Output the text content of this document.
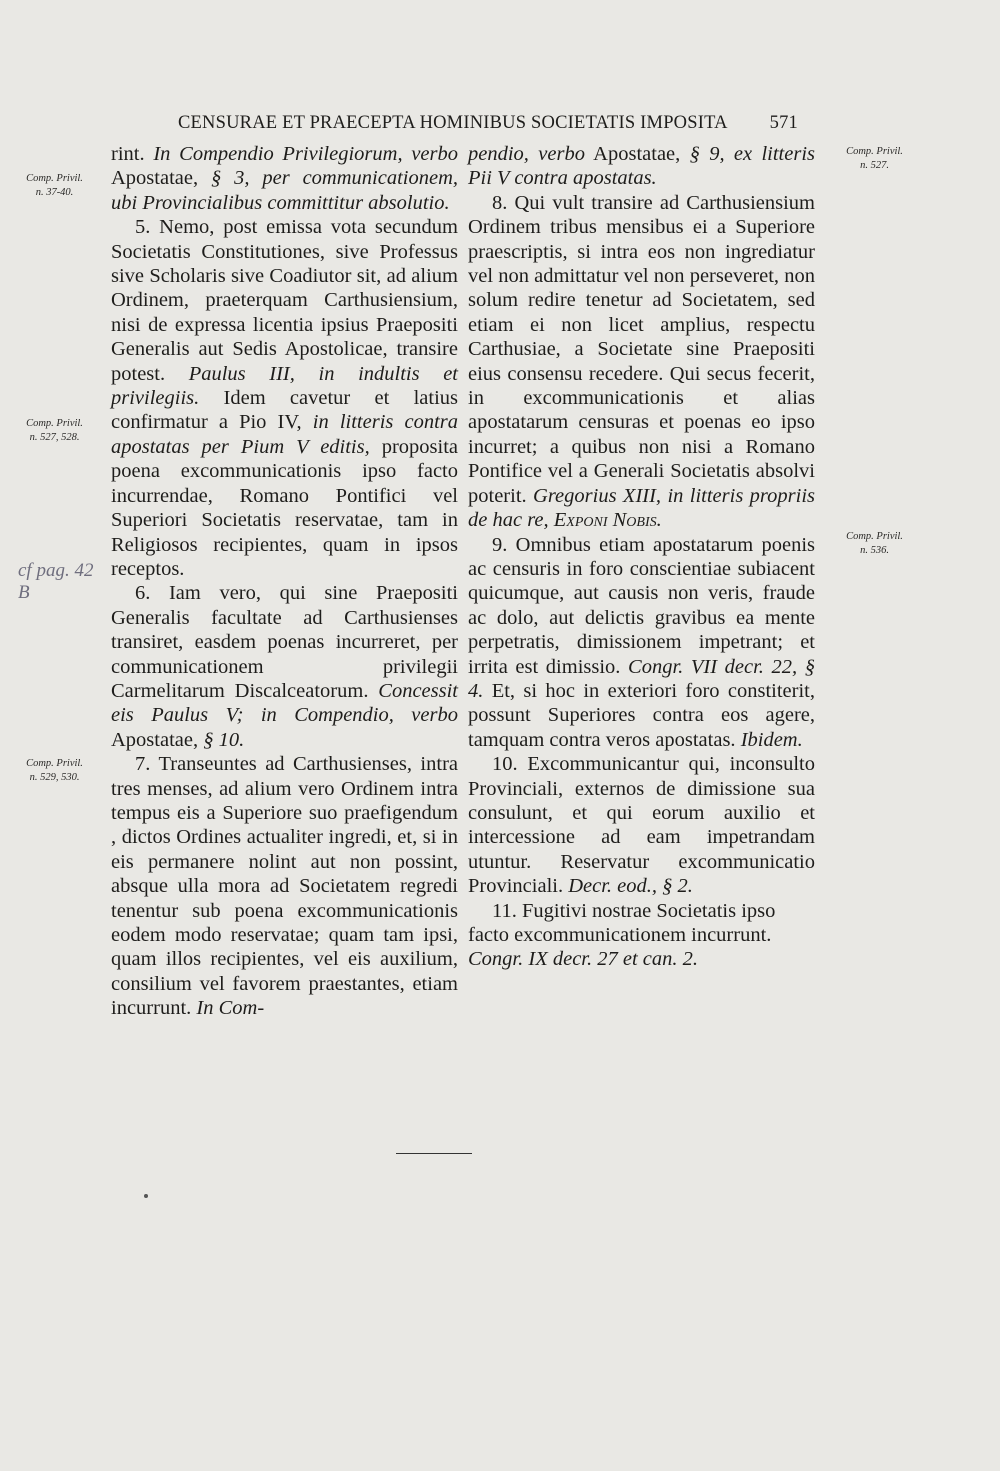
CENSURAE ET PRAECEPTA HOMINIBUS SOCIETATIS IMPOSITA 571
Comp. Privil.
n. 37-40.
Comp. Privil.
n. 527, 528.
Comp. Privil.
n. 529, 530.
cf pag. 42 B
Comp. Privil.
n. 527.
Comp. Privil.
n. 536.

rint. In Compendio Privilegiorum, verbo Apostatae, § 3, per communicationem, ubi Provincialibus committitur absolutio.

5. Nemo, post emissa vota secundum Societatis Constitutiones, sive Professus sive Scholaris sive Coadiutor sit, ad alium Ordinem, praeterquam Carthusiensium, nisi de expressa licentia ipsius Praepositi Generalis aut Sedis Apostolicae, transire potest. Paulus III, in indultis et privilegiis. Idem cavetur et latius confirmatur a Pio IV, in litteris contra apostatas per Pium V editis, proposita poena excommunicationis ipso facto incurrendae, Romano Pontifici vel Superiori Societatis reservatae, tam in Religiosos recipientes, quam in ipsos receptos.

6. Iam vero, qui sine Praepositi Generalis facultate ad Carthusienses transiret, easdem poenas incurreret, per communicationem privilegii Carmelitarum Discalceatorum. Concessit eis Paulus V; in Compendio, verbo Apostatae, § 10.

7. Transeuntes ad Carthusienses, intra tres menses, ad alium vero Ordinem intra tempus eis a Superiore suo praefigendum , dictos Ordines actualiter ingredi, et, si in eis permanere nolint aut non possint, absque ulla mora ad Societatem regredi tenentur sub poena excommunicationis eodem modo reservatae; quam tam ipsi, quam illos recipientes, vel eis auxilium, consilium vel favorem praestantes, etiam incurrunt. In Com-

pendio, verbo Apostatae, § 9, ex litteris Pii V contra apostatas.

8. Qui vult transire ad Carthusiensium Ordinem tribus mensibus ei a Superiore praescriptis, si intra eos non ingrediatur vel non admittatur vel non perseveret, non solum redire tenetur ad Societatem, sed etiam ei non licet amplius, respectu Carthusiae, a Societate sine Praepositi eius consensu recedere. Qui secus fecerit, in excommunicationis et alias apostatarum censuras et poenas eo ipso incurret; a quibus non nisi a Romano Pontifice vel a Generali Societatis absolvi poterit. Gregorius XIII, in litteris propriis de hac re, Exponi Nobis.

9. Omnibus etiam apostatarum poenis ac censuris in foro conscientiae subiacent quicumque, aut causis non veris, fraude ac dolo, aut delictis gravibus ea mente perpetratis, dimissionem impetrant; et irrita est dimissio. Congr. VII decr. 22, § 4. Et, si hoc in exteriori foro constiterit, possunt Superiores contra eos agere, tamquam contra veros apostatas. Ibidem.

10. Excommunicantur qui, inconsulto Provinciali, externos de dimissione sua consulunt, et qui eorum auxilio et intercessione ad eam impetrandam utuntur. Reservatur excommunicatio Provinciali. Decr. eod., § 2.

11. Fugitivi nostrae Societatis ipso facto excommunicationem incurrunt. Congr. IX decr. 27 et can. 2.
